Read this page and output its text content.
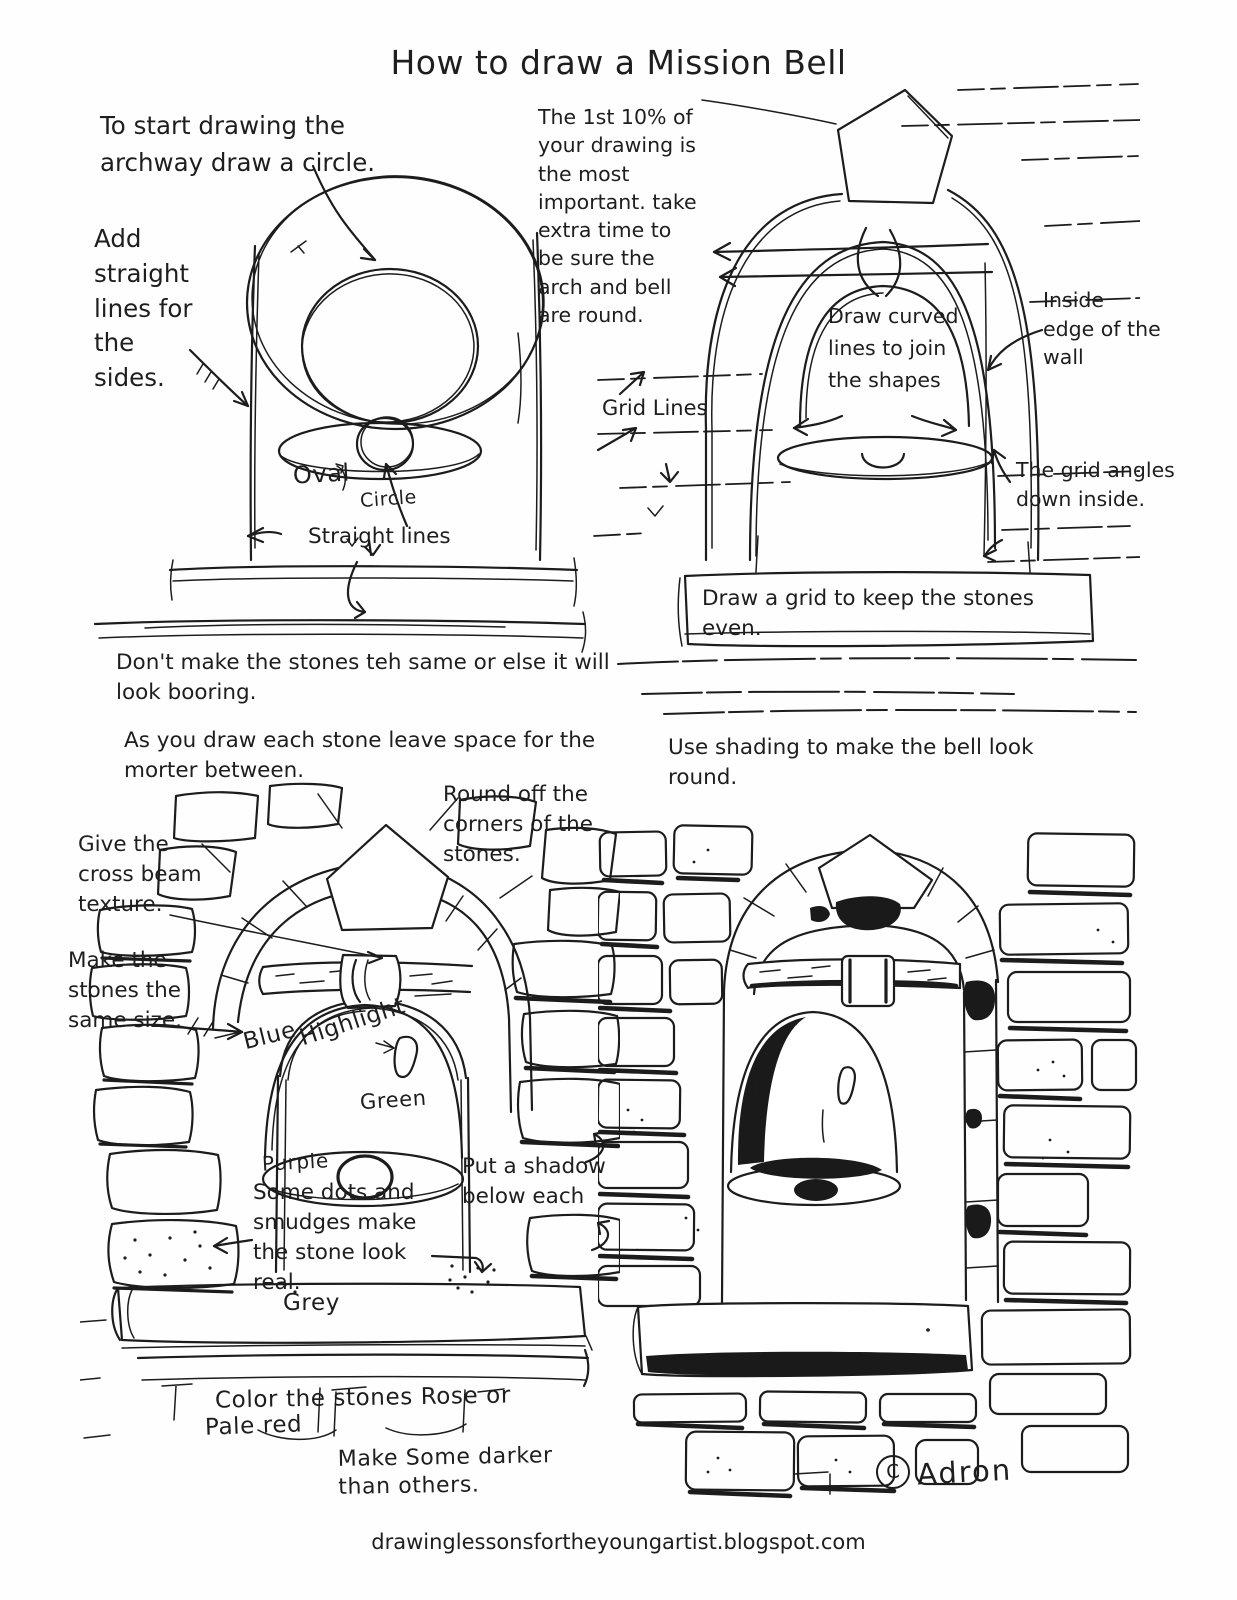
How to draw a Mission Bell
To start drawing the archway draw a circle.
Add straight lines for the sides.
Oval
Circle
Straight lines
Don't make the stones teh same or else it will look booring.
As you draw each stone leave space for the morter between.
The 1st 10% of your drawing is the most important. take extra time to be sure the arch and bell are round.
Grid Lines
Draw curved lines to join the shapes
Inside edge of the wall
The grid angles down inside.
Draw a grid to keep the stones even.
Use shading to make the bell look round.
Round off the corners of the stones.
Give the cross beam texture.
Make the stones the same size.	Blue
Highlight
Green
Purple
Some dots and smudges make the stone look real.
Put a shadow below each
Grey
Color the stones Rose or
Pale red
Make Some darker than others.	C Adron
drawinglessonsfortheyoungartist.blogspot.com
